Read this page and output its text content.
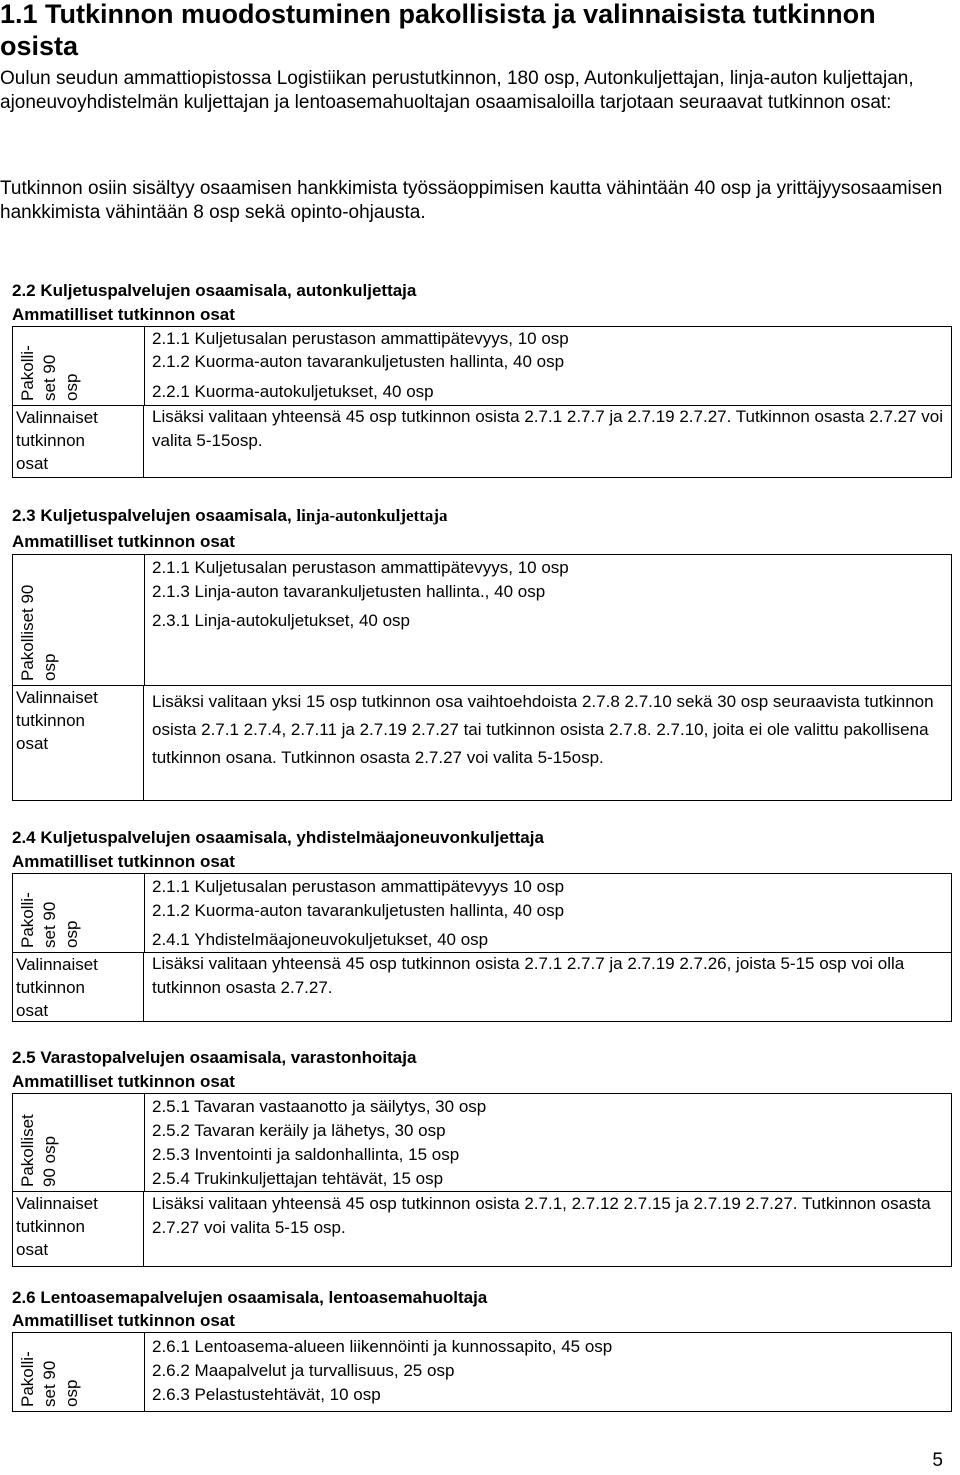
1.1 Tutkinnon muodostuminen pakollisista ja valinnaisista tutkinnon osista
Oulun seudun ammattiopistossa Logistiikan perustutkinnon, 180 osp, Autonkuljettajan, linja-auton kuljettajan, ajoneuvoyhdistelmän kuljettajan ja lentoasemahuoltajan osaamisaloilla tarjotaan seuraavat tutkinnon osat:
Tutkinnon osiin sisältyy osaamisen hankkimista työssäoppimisen kautta vähintään 40 osp ja yrittäjyysosaamisen hankkimista vähintään 8 osp sekä opinto-ohjausta.
2.2 Kuljetuspalvelujen osaamisala, autonkuljettaja
Ammatilliset tutkinnon osat
Pakolli-
set 90
osp
Valinnaiset
tutkinnon
osat
2.1.1 Kuljetusalan perustason ammattipätevyys, 10 osp
2.1.2 Kuorma-auton tavarankuljetusten hallinta, 40 osp
2.2.1 Kuorma-autokuljetukset, 40 osp
Lisäksi valitaan yhteensä 45 osp tutkinnon osista 2.7.1 2.7.7 ja 2.7.19 2.7.27. Tutkinnon osasta 2.7.27 voi valita 5-15osp.
2.3 Kuljetuspalvelujen osaamisala, linja-autonkuljettaja
Ammatilliset tutkinnon osat
Pakolliset 90
osp
Valinnaiset
tutkinnon
osat
2.1.1 Kuljetusalan perustason ammattipätevyys, 10 osp
2.1.3 Linja-auton tavarankuljetusten hallinta., 40 osp
2.3.1 Linja-autokuljetukset, 40 osp
Lisäksi valitaan yksi 15 osp tutkinnon osa vaihtoehdoista 2.7.8 2.7.10 sekä 30 osp seuraavista tutkinnon osista 2.7.1 2.7.4, 2.7.11 ja 2.7.19 2.7.27 tai tutkinnon osista 2.7.8. 2.7.10, joita ei ole valittu pakollisena tutkinnon osana. Tutkinnon osasta 2.7.27 voi valita 5-15osp.
2.4 Kuljetuspalvelujen osaamisala, yhdistelmäajoneuvonkuljettaja
Ammatilliset tutkinnon osat
Pakolli-
set 90
osp
Valinnaiset
tutkinnon
osat
2.1.1 Kuljetusalan perustason ammattipätevyys 10 osp
2.1.2 Kuorma-auton tavarankuljetusten hallinta, 40 osp
2.4.1 Yhdistelmäajoneuvokuljetukset, 40 osp
Lisäksi valitaan yhteensä 45 osp tutkinnon osista 2.7.1 2.7.7 ja 2.7.19 2.7.26, joista 5-15 osp voi olla tutkinnon osasta 2.7.27.
2.5 Varastopalvelujen osaamisala, varastonhoitaja
Ammatilliset tutkinnon osat
Pakolliset
90 osp
Valinnaiset
tutkinnon
osat
2.5.1 Tavaran vastaanotto ja säilytys, 30 osp
2.5.2 Tavaran keräily ja lähetys, 30 osp
2.5.3 Inventointi ja saldonhallinta, 15 osp
2.5.4 Trukinkuljettajan tehtävät, 15 osp
Lisäksi valitaan yhteensä 45 osp tutkinnon osista 2.7.1, 2.7.12 2.7.15 ja 2.7.19 2.7.27. Tutkinnon osasta 2.7.27 voi valita 5-15 osp.
2.6 Lentoasemapalvelujen osaamisala, lentoasemahuoltaja
Ammatilliset tutkinnon osat
Pakolli-
set 90
osp
2.6.1 Lentoasema-alueen liikennöinti ja kunnossapito, 45 osp
2.6.2 Maapalvelut ja turvallisuus, 25 osp
2.6.3 Pelastustehtävät, 10 osp
5
